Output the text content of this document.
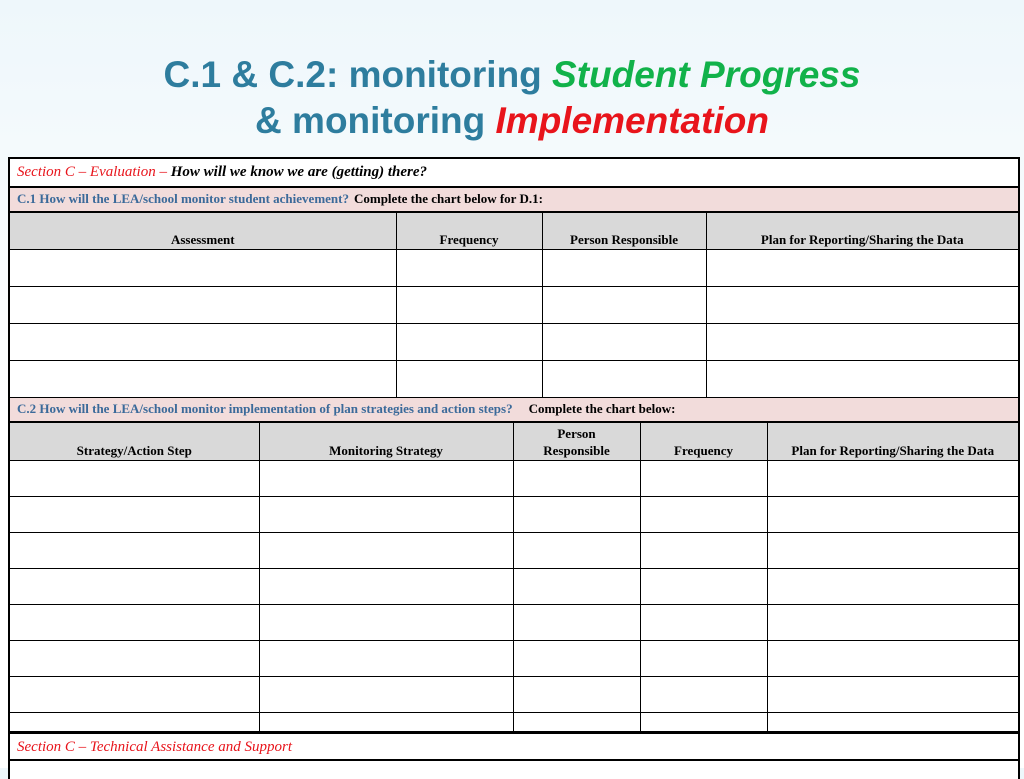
C.1 & C.2: monitoring Student Progress
& monitoring Implementation
Section C – Evaluation – How will we know we are (getting) there?
C.1 How will the LEA/school monitor student achievement? Complete the chart below for D.1:
Assessment	Frequency	Person Responsible	Plan for Reporting/Sharing the Data

C.2 How will the LEA/school monitor implementation of plan strategies and action steps? Complete the chart below:
Strategy/Action Step	Monitoring Strategy	Person Responsible	Frequency	Plan for Reporting/Sharing the Data

Section C – Technical Assistance and Support
